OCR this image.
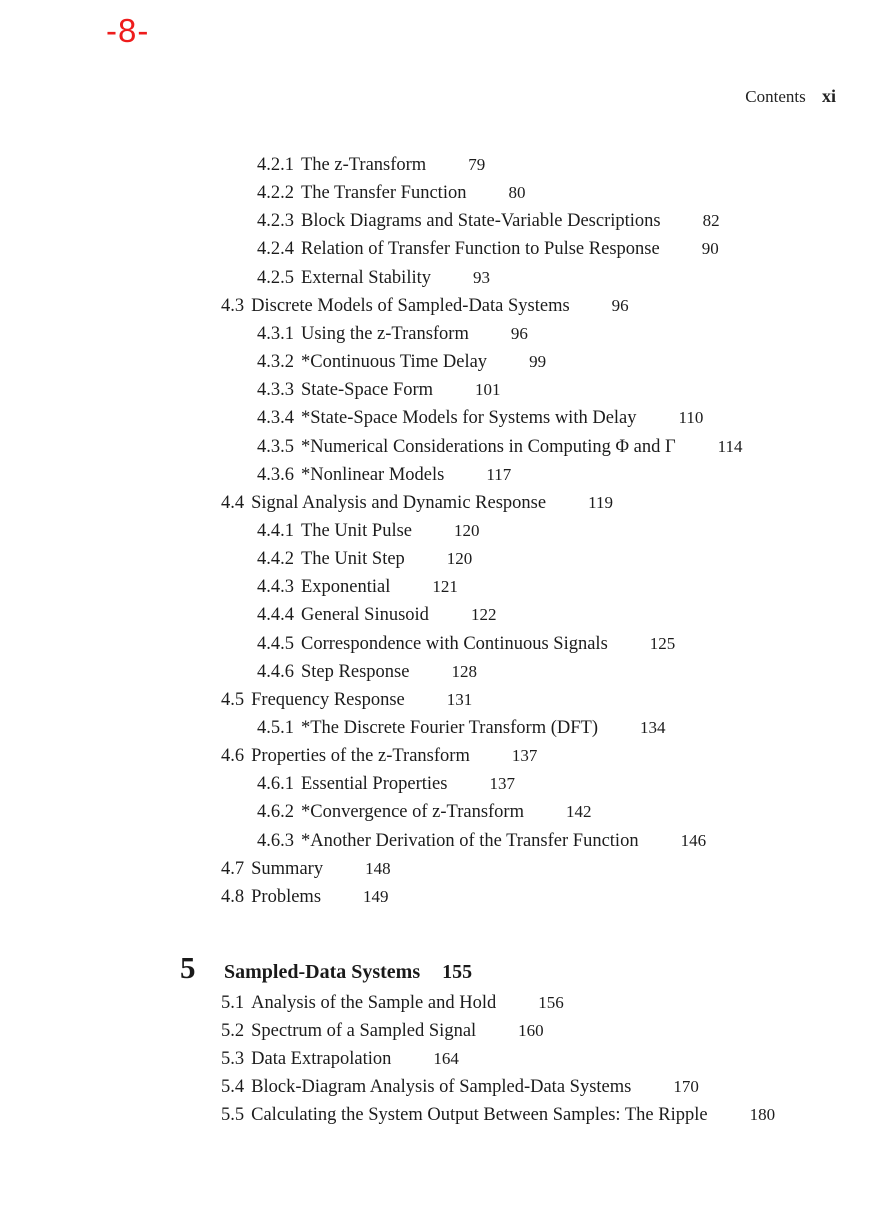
-8-
Contents xi
4.2.1 The z-Transform 79
4.2.2 The Transfer Function 80
4.2.3 Block Diagrams and State-Variable Descriptions 82
4.2.4 Relation of Transfer Function to Pulse Response 90
4.2.5 External Stability 93
4.3 Discrete Models of Sampled-Data Systems 96
4.3.1 Using the z-Transform 96
4.3.2 *Continuous Time Delay 99
4.3.3 State-Space Form 101
4.3.4 *State-Space Models for Systems with Delay 110
4.3.5 *Numerical Considerations in Computing Φ and Γ 114
4.3.6 *Nonlinear Models 117
4.4 Signal Analysis and Dynamic Response 119
4.4.1 The Unit Pulse 120
4.4.2 The Unit Step 120
4.4.3 Exponential 121
4.4.4 General Sinusoid 122
4.4.5 Correspondence with Continuous Signals 125
4.4.6 Step Response 128
4.5 Frequency Response 131
4.5.1 *The Discrete Fourier Transform (DFT) 134
4.6 Properties of the z-Transform 137
4.6.1 Essential Properties 137
4.6.2 *Convergence of z-Transform 142
4.6.3 *Another Derivation of the Transfer Function 146
4.7 Summary 148
4.8 Problems 149
5 Sampled-Data Systems 155
5.1 Analysis of the Sample and Hold 156
5.2 Spectrum of a Sampled Signal 160
5.3 Data Extrapolation 164
5.4 Block-Diagram Analysis of Sampled-Data Systems 170
5.5 Calculating the System Output Between Samples: The Ripple 180
